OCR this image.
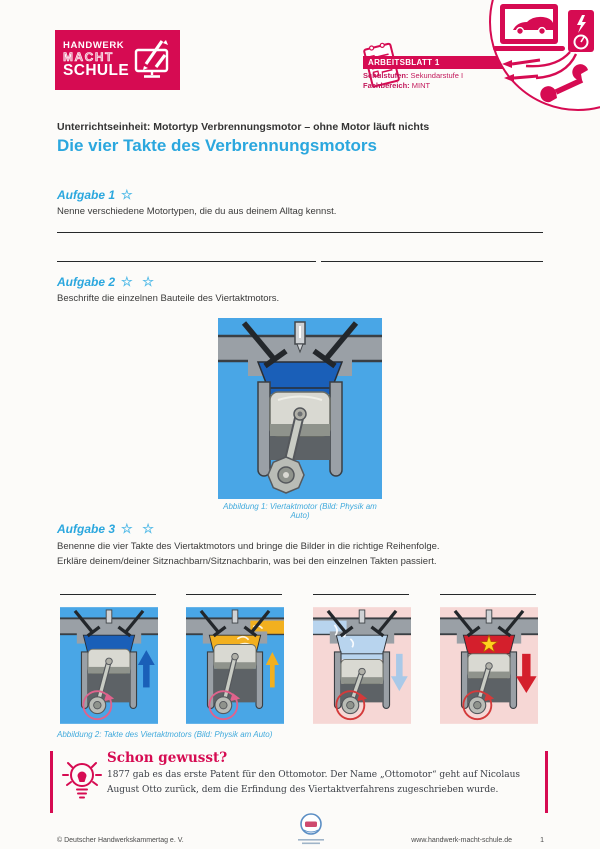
HANDWERK
MACHT
SCHULE	ARBEITSBLATT 1
Schulstufen: Sekundarstufe I
Fachbereich: MINT
Unterrichtseinheit: Motortyp Verbrennungsmotor – ohne Motor läuft nichts
Die vier Takte des Verbrennungsmotors
Aufgabe 1 ☆
Nenne verschiedene Motortypen, die du aus deinem Alltag kennst.
Aufgabe 2 ☆ ☆
Beschrifte die einzelnen Bauteile des Viertaktmotors.
Abbildung 1: Viertaktmotor (Bild: Physik am Auto)
Aufgabe 3 ☆ ☆
Benenne die vier Takte des Viertaktmotors und bringe die Bilder in die richtige Reihenfolge.
Erkläre deinem/deiner Sitznachbarn/Sitznachbarin, was bei den einzelnen Takten passiert.
Abbildung 2: Takte des Viertaktmotors (Bild: Physik am Auto)
Schon gewusst?
1877 gab es das erste Patent für den Ottomotor. Der Name „Ottomotor“ geht auf Nicolaus August Otto zurück, dem die Erfindung des Viertaktverfahrens zugeschrieben wurde.
© Deutscher Handwerkskammertag e. V.	www.handwerk-macht-schule.de	1
